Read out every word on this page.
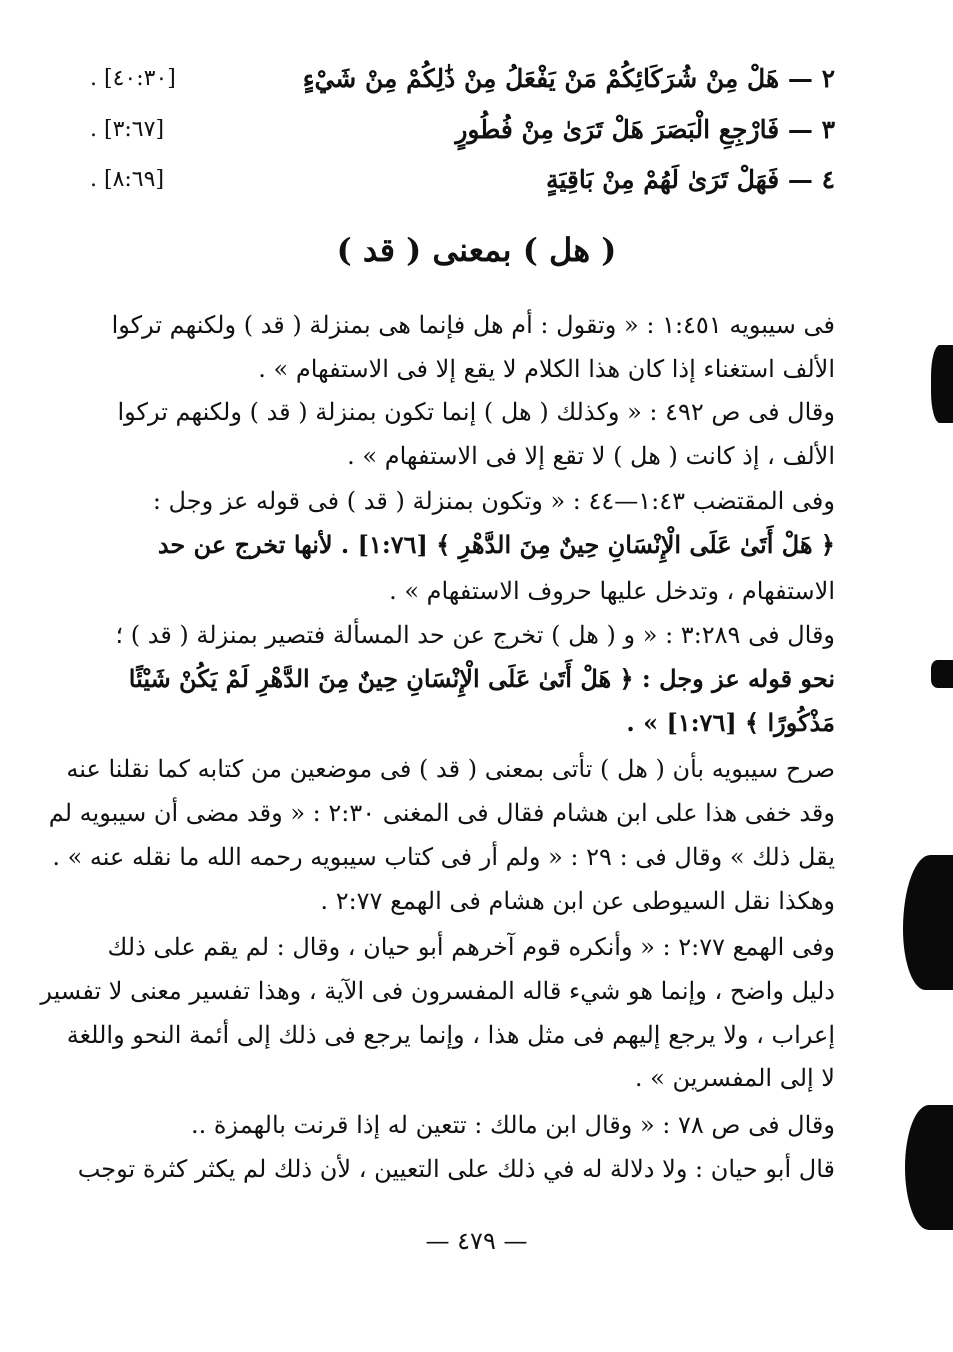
٢ — هَلْ مِنْ شُرَكَائِكُمْ مَنْ يَفْعَلُ مِنْ ذَٰلِكُمْ مِنْ شَيْءٍ
. [٤٠:٣٠]
٣ — فَارْجِعِ الْبَصَرَ هَلْ تَرَىٰ مِنْ فُطُورٍ
. [٣:٦٧]
٤ — فَهَلْ تَرَىٰ لَهُمْ مِنْ بَاقِيَةٍ
. [٨:٦٩]
( هل ) بمعنى ( قد )
فى سيبويه ١:٤٥١ : « وتقول : أم هل فإنما هى بمنزلة ( قد ) ولكنهم تركوا
الألف استغناء إذا كان هذا الكلام لا يقع إلا فى الاستفهام » .
وقال فى ص ٤٩٢ : « وكذلك ( هل ) إنما تكون بمنزلة ( قد ) ولكنهم تركوا
الألف ، إذ كانت ( هل ) لا تقع إلا فى الاستفهام » .
وفى المقتضب ١:٤٣—٤٤ : « وتكون بمنزلة ( قد ) فى قوله عز وجل :
﴿ هَلْ أَتَىٰ عَلَى الْإِنْسَانِ حِينٌ مِنَ الدَّهْرِ ﴾ [١:٧٦] . لأنها تخرج عن حد
الاستفهام ، وتدخل عليها حروف الاستفهام » .
وقال فى ٣:٢٨٩ : « و ( هل ) تخرج عن حد المسألة فتصير بمنزلة ( قد ) ؛
نحو قوله عز وجل : ﴿ هَلْ أَتَىٰ عَلَى الْإِنْسَانِ حِينٌ مِنَ الدَّهْرِ لَمْ يَكُنْ شَيْئًا
مَذْكُورًا ﴾ [١:٧٦] » .
صرح سيبويه بأن ( هل ) تأتى بمعنى ( قد ) فى موضعين من كتابه كما نقلنا عنه
وقد خفى هذا على ابن هشام فقال فى المغنى ٢:٣٠ : « وقد مضى أن سيبويه لم
يقل ذلك » وقال فى : ٢٩ : « ولم أر فى كتاب سيبويه رحمه الله ما نقله عنه » .
وهكذا نقل السيوطى عن ابن هشام فى الهمع ٢:٧٧ .
وفى الهمع ٢:٧٧ : « وأنكره قوم آخرهم أبو حيان ، وقال : لم يقم على ذلك
دليل واضح ، وإنما هو شيء قاله المفسرون فى الآية ، وهذا تفسير معنى لا تفسير
إعراب ، ولا يرجع إليهم فى مثل هذا ، وإنما يرجع فى ذلك إلى أئمة النحو واللغة
لا إلى المفسرين » .
وقال فى ص ٧٨ : « وقال ابن مالك : تتعين له إذا قرنت بالهمزة ..
قال أبو حيان : ولا دلالة له في ذلك على التعيين ، لأن ذلك لم يكثر كثرة توجب
— ٤٧٩ —
